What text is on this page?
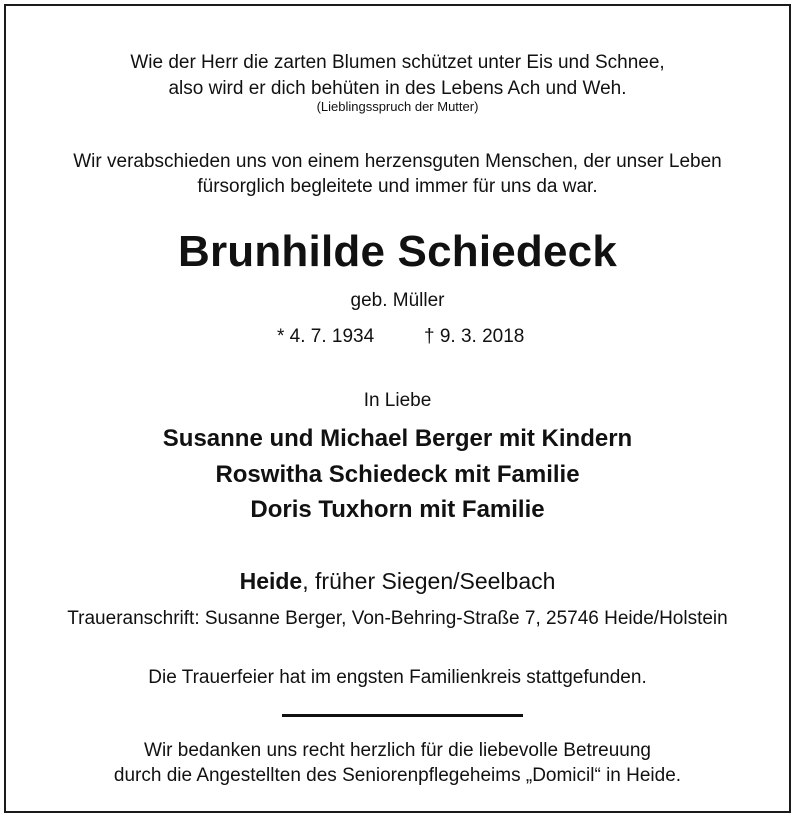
Wie der Herr die zarten Blumen schützet unter Eis und Schnee,
also wird er dich behüten in des Lebens Ach und Weh.
(Lieblingsspruch der Mutter)
Wir verabschieden uns von einem herzensguten Menschen, der unser Leben
fürsorglich begleitete und immer für uns da war.
Brunhilde Schiedeck
geb. Müller
* 4. 7. 1934	† 9. 3. 2018
In Liebe
Susanne und Michael Berger mit Kindern
Roswitha Schiedeck mit Familie
Doris Tuxhorn mit Familie
Heide, früher Siegen/Seelbach
Traueranschrift: Susanne Berger, Von-Behring-Straße 7, 25746 Heide/Holstein
Die Trauerfeier hat im engsten Familienkreis stattgefunden.
Wir bedanken uns recht herzlich für die liebevolle Betreuung
durch die Angestellten des Seniorenpflegeheims „Domicil“ in Heide.
